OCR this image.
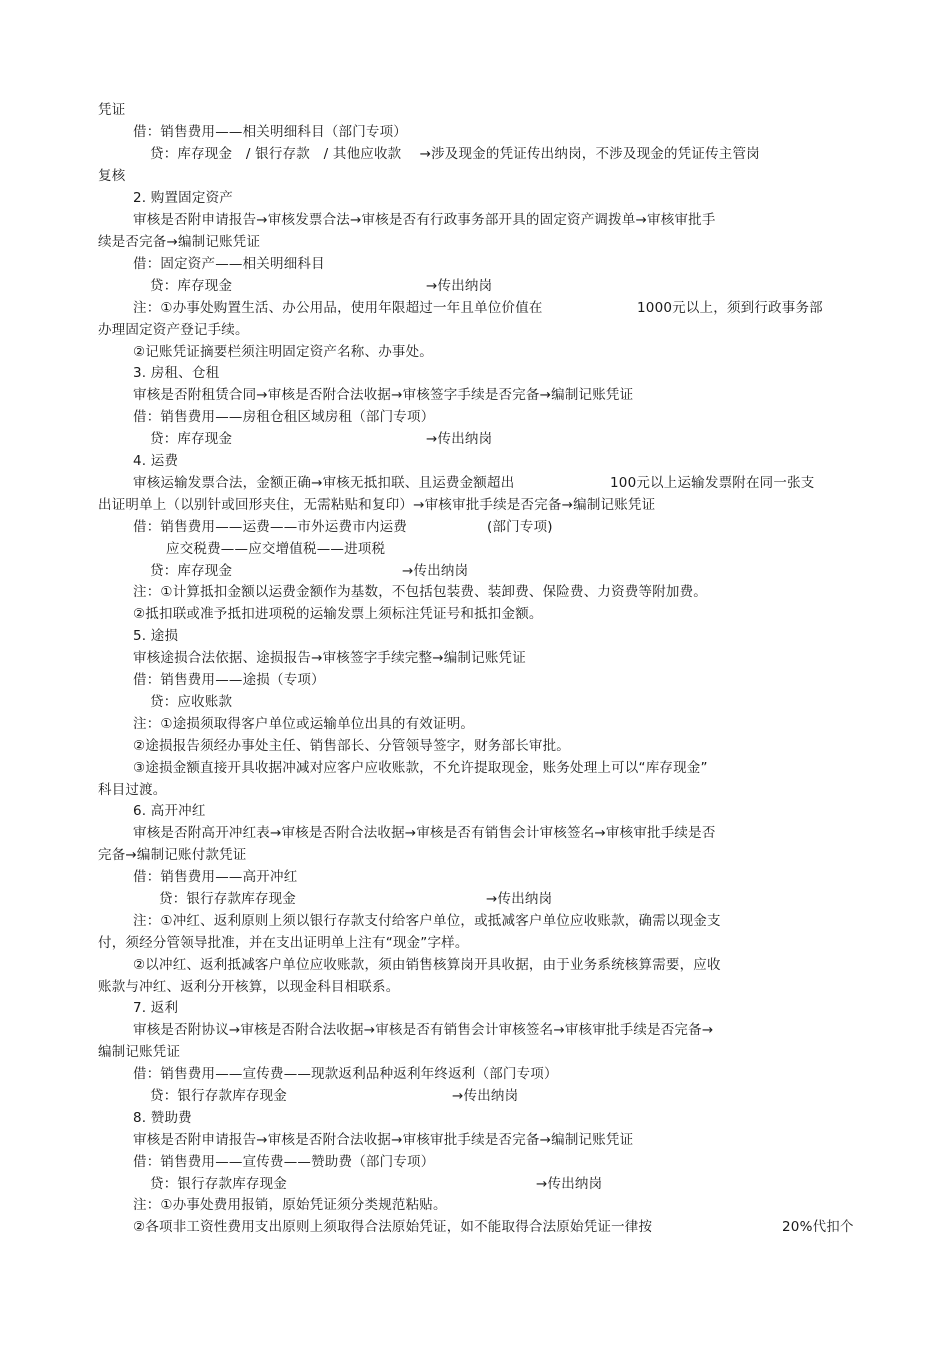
凭证
借：销售费用——相关明细科目（部门专项）
贷：库存现金　/ 银行存款　/ 其他应收款　 →涉及现金的凭证传出纳岗，不涉及现金的凭证传主管岗
复核
2. 购置固定资产
审核是否附申请报告→审核发票合法→审核是否有行政事务部开具的固定资产调拨单→审核审批手
续是否完备→编制记账凭证
借：固定资产——相关明细科目
贷：库存现金	→传出纳岗
注：①办事处购置生活、办公用品，使用年限超过一年且单位价值在	1000元以上，须到行政事务部
办理固定资产登记手续。
②记账凭证摘要栏须注明固定资产名称、办事处。
3. 房租、仓租
审核是否附租赁合同→审核是否附合法收据→审核签字手续是否完备→编制记账凭证
借：销售费用——房租仓租区域房租（部门专项）
贷：库存现金	→传出纳岗
4. 运费
审核运输发票合法，金额正确→审核无抵扣联、且运费金额超出	100元以上运输发票附在同一张支
出证明单上（以别针或回形夹住，无需粘贴和复印）→审核审批手续是否完备→编制记账凭证
借：销售费用——运费——市外运费市内运费	(部门专项)
应交税费——应交增值税——进项税
贷：库存现金	→传出纳岗
注：①计算抵扣金额以运费金额作为基数，不包括包装费、装卸费、保险费、力资费等附加费。
②抵扣联或准予抵扣进项税的运输发票上须标注凭证号和抵扣金额。
5. 途损
审核途损合法依据、途损报告→审核签字手续完整→编制记账凭证
借：销售费用——途损（专项）
贷：应收账款
注：①途损须取得客户单位或运输单位出具的有效证明。
②途损报告须经办事处主任、销售部长、分管领导签字，财务部长审批。
③途损金额直接开具收据冲减对应客户应收账款，不允许提取现金，账务处理上可以“库存现金”
科目过渡。
6. 高开冲红
审核是否附高开冲红表→审核是否附合法收据→审核是否有销售会计审核签名→审核审批手续是否
完备→编制记账付款凭证
借：销售费用——高开冲红
贷：银行存款库存现金	→传出纳岗
注：①冲红、返利原则上须以银行存款支付给客户单位，或抵减客户单位应收账款，确需以现金支
付，须经分管领导批准，并在支出证明单上注有“现金”字样。
②以冲红、返利抵减客户单位应收账款，须由销售核算岗开具收据，由于业务系统核算需要，应收
账款与冲红、返利分开核算，以现金科目相联系。
7. 返利
审核是否附协议→审核是否附合法收据→审核是否有销售会计审核签名→审核审批手续是否完备→
编制记账凭证
借：销售费用——宣传费——现款返利品种返利年终返利（部门专项）
贷：银行存款库存现金	→传出纳岗
8. 赞助费
审核是否附申请报告→审核是否附合法收据→审核审批手续是否完备→编制记账凭证
借：销售费用——宣传费——赞助费（部门专项）
贷：银行存款库存现金	→传出纳岗
注：①办事处费用报销，原始凭证须分类规范粘贴。
②各项非工资性费用支出原则上须取得合法原始凭证，如不能取得合法原始凭证一律按	20%代扣个
